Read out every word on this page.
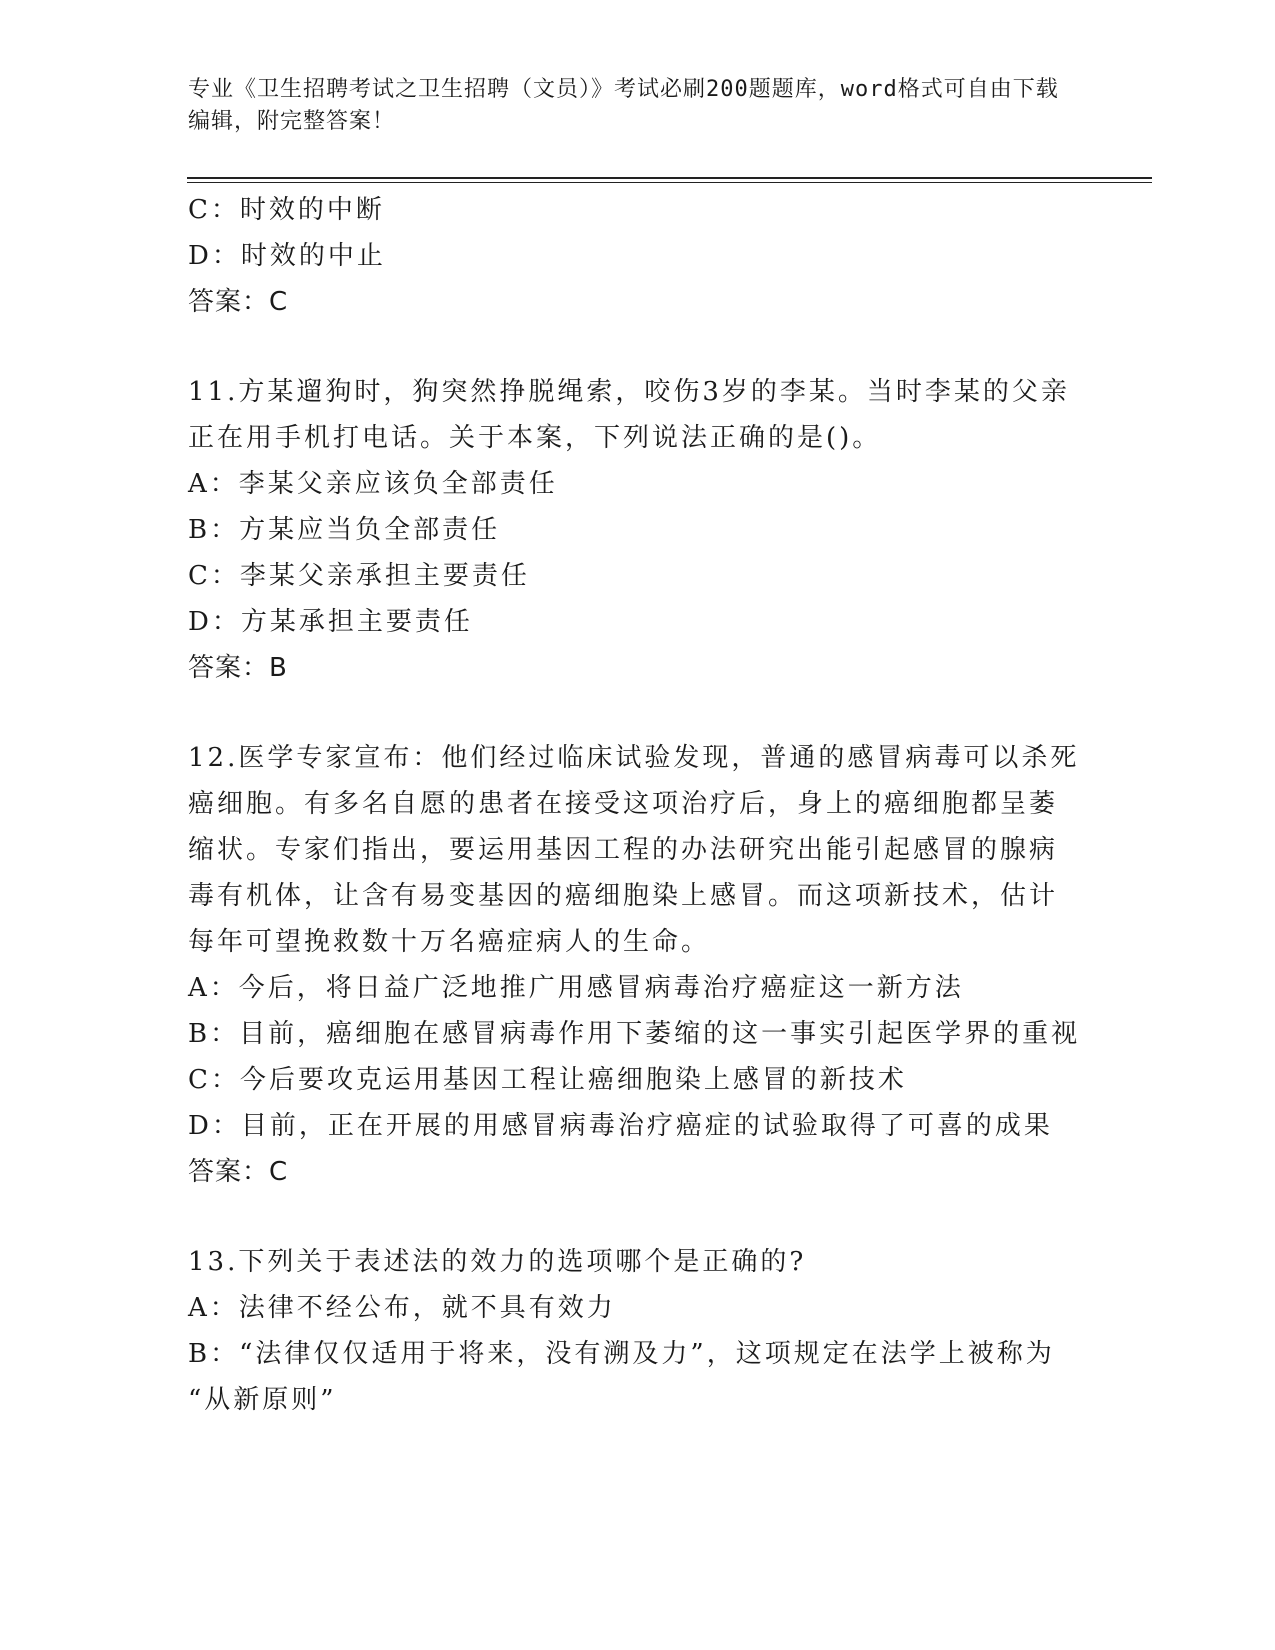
专业《卫生招聘考试之卫生招聘（文员）》考试必刷200题题库，word格式可自由下载编辑，附完整答案！
C：时效的中断
D：时效的中止
答案：C
11.方某遛狗时，狗突然挣脱绳索，咬伤3岁的李某。当时李某的父亲
正在用手机打电话。关于本案，下列说法正确的是()。
A：李某父亲应该负全部责任
B：方某应当负全部责任
C：李某父亲承担主要责任
D：方某承担主要责任
答案：B
12.医学专家宣布：他们经过临床试验发现，普通的感冒病毒可以杀死
癌细胞。有多名自愿的患者在接受这项治疗后，身上的癌细胞都呈萎
缩状。专家们指出，要运用基因工程的办法研究出能引起感冒的腺病
毒有机体，让含有易变基因的癌细胞染上感冒。而这项新技术，估计
每年可望挽救数十万名癌症病人的生命。
A：今后，将日益广泛地推广用感冒病毒治疗癌症这一新方法
B：目前，癌细胞在感冒病毒作用下萎缩的这一事实引起医学界的重视
C：今后要攻克运用基因工程让癌细胞染上感冒的新技术
D：目前，正在开展的用感冒病毒治疗癌症的试验取得了可喜的成果
答案：C
13.下列关于表述法的效力的选项哪个是正确的?
A：法律不经公布，就不具有效力
B：“法律仅仅适用于将来，没有溯及力”，这项规定在法学上被称为
“从新原则”
